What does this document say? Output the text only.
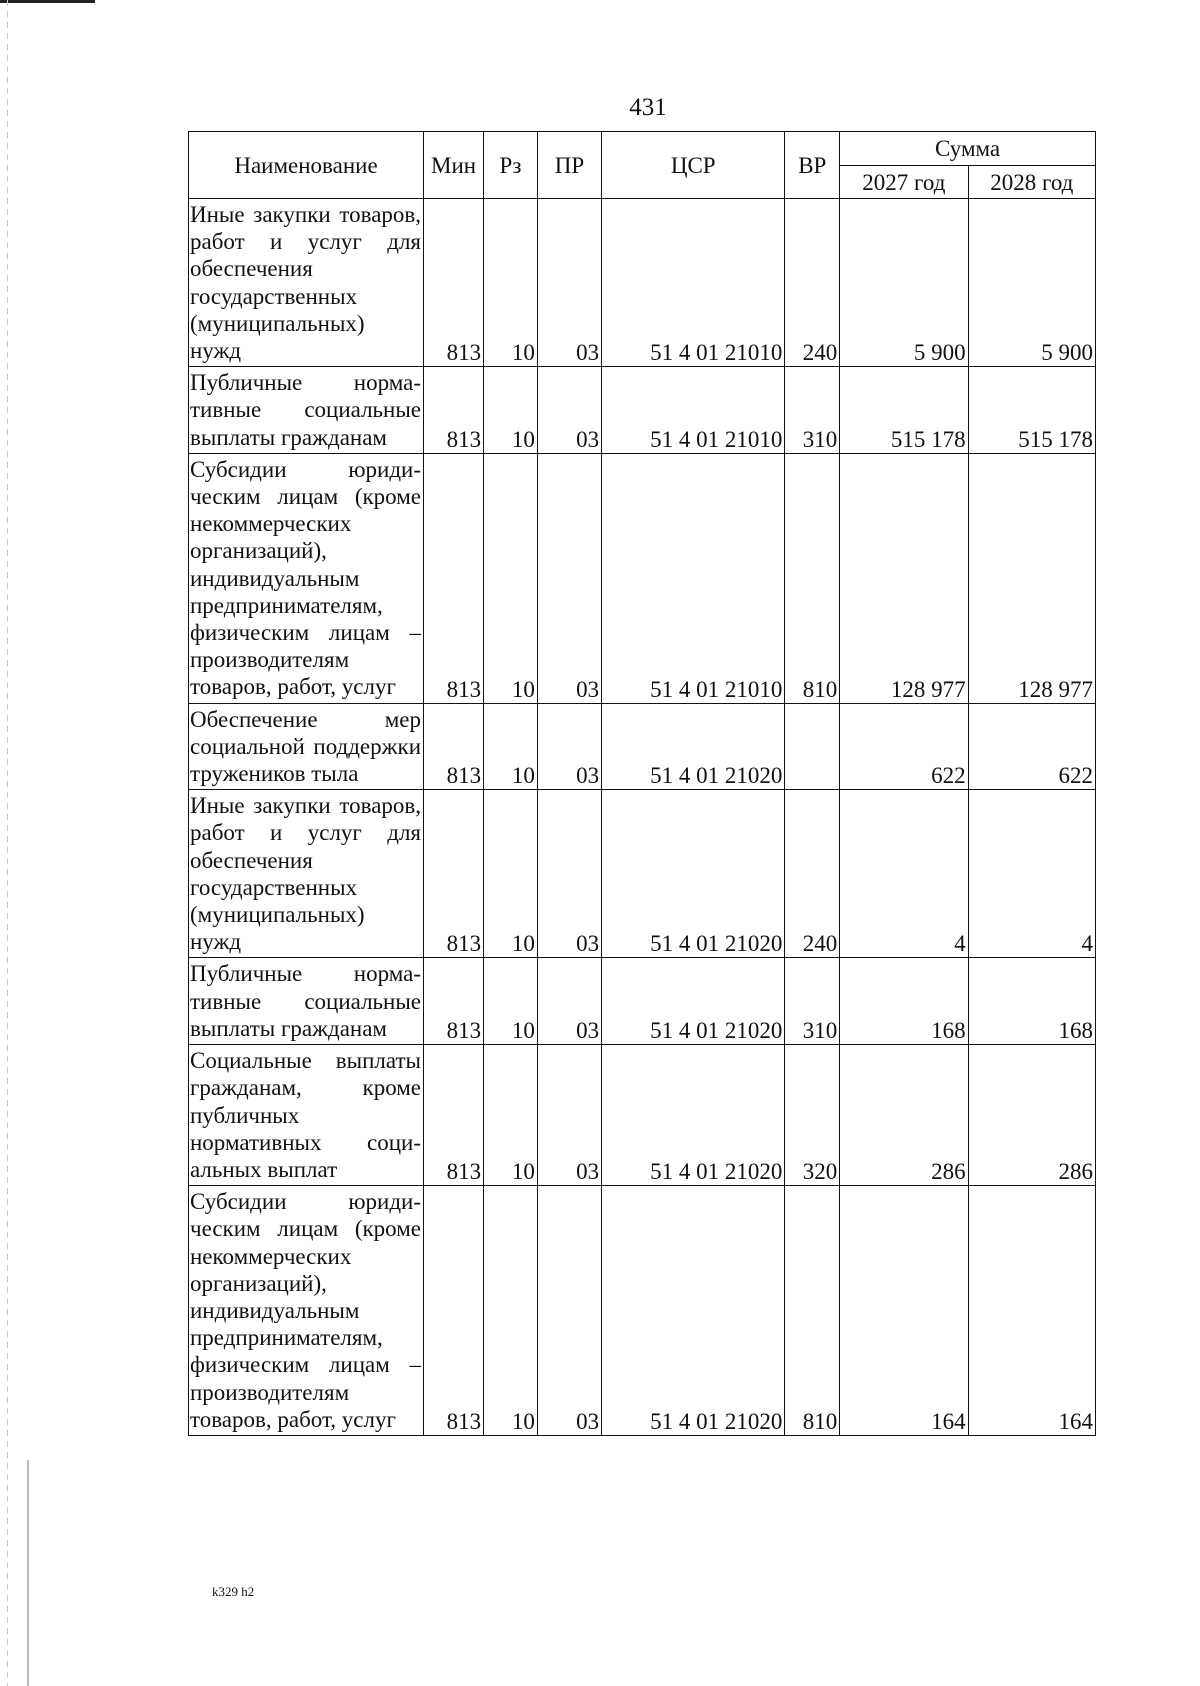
431
Наименование	Мин	Рз	ПР	ЦСР	ВР	Сумма	
						2027 год	2028 год
Иные закупки товаров, работ и услуг для обеспечения государственных (муниципальных) нужд	813	10	03	51 4 01 21010	240	5 900	5 900
Публичные нормативные социальные выплаты гражданам	813	10	03	51 4 01 21010	310	515 178	515 178
Субсидии юридическим лицам (кроме некоммерческих организаций), индивидуальным предпринимателям, физическим лицам – производителям товаров, работ, услуг	813	10	03	51 4 01 21010	810	128 977	128 977
Обеспечение мер социальной поддержки тружеников тыла	813	10	03	51 4 01 21020		622	622
Иные закупки товаров, работ и услуг для обеспечения государственных (муниципальных) нужд	813	10	03	51 4 01 21020	240	4	4
Публичные нормативные социальные выплаты гражданам	813	10	03	51 4 01 21020	310	168	168
Социальные выплаты гражданам, кроме публичных нормативных социальных выплат	813	10	03	51 4 01 21020	320	286	286
Субсидии юридическим лицам (кроме некоммерческих организаций), индивидуальным предпринимателям, физическим лицам – производителям товаров, работ, услуг	813	10	03	51 4 01 21020	810	164	164
k329 h2
